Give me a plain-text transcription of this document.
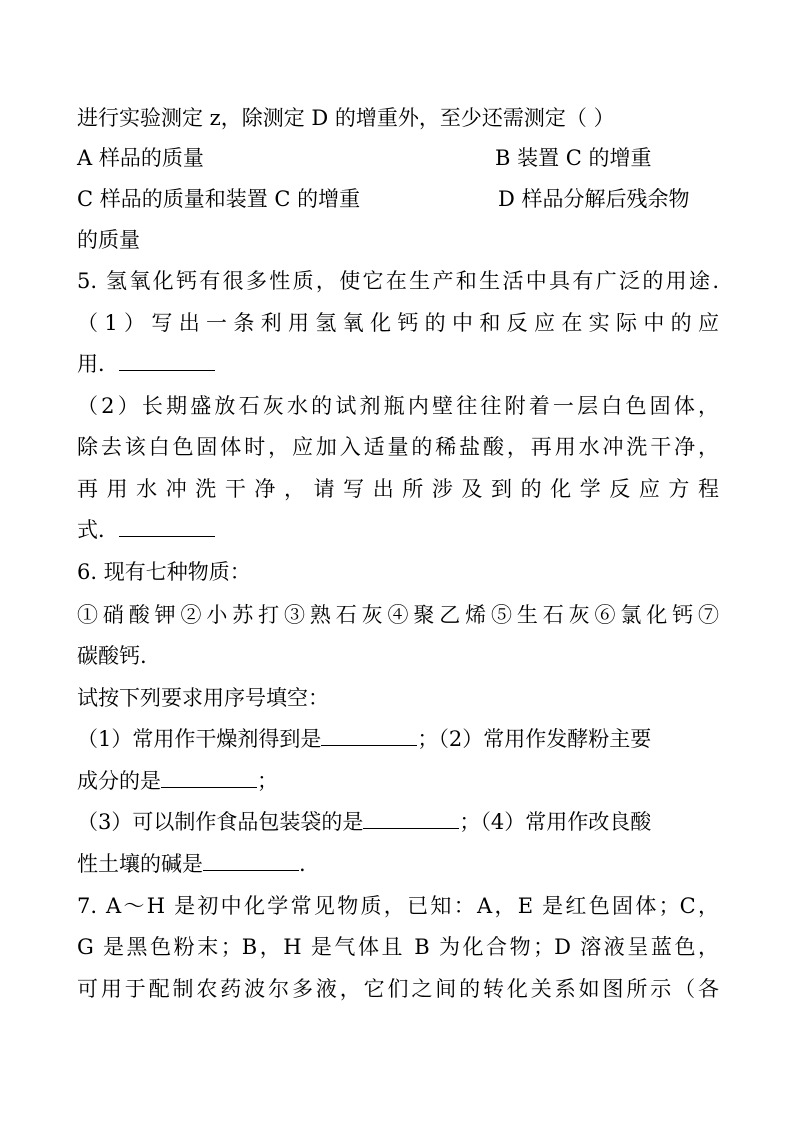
进行实验测定 z，除测定 D 的增重外，至少还需测定（ ）
A 样品的质量	B 装置 C 的增重
C 样品的质量和装置 C 的增重	D 样品分解后残余物
的质量
5. 氢氧化钙有很多性质，使它在生产和生活中具有广泛的用途.
（1）写出一条利用氢氧化钙的中和反应在实际中的应
用．
（2）长期盛放石灰水的试剂瓶内壁往往附着一层白色固体，
除去该白色固体时，应加入适量的稀盐酸，再用水冲洗干净，
再用水冲洗干净，请写出所涉及到的化学反应方程
式．
6. 现有七种物质：
①硝酸钾②小苏打③熟石灰④聚乙烯⑤生石灰⑥氯化钙⑦
碳酸钙.
试按下列要求用序号填空：
（1）常用作干燥剂得到是	；（2）常用作发酵粉主要
成分的是	；
（3）可以制作食品包装袋的是	；（4）常用作改良酸
性土壤的碱是	.
7. A～H 是初中化学常见物质，已知：A，E 是红色固体；C，
G 是黑色粉末；B，H 是气体且 B 为化合物；D 溶液呈蓝色，
可用于配制农药波尔多液，它们之间的转化关系如图所示（各
